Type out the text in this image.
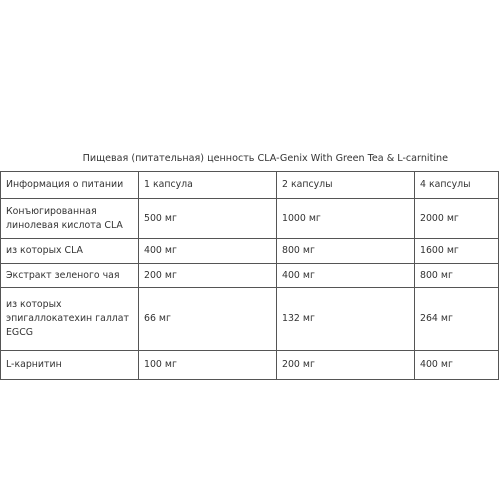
Пищевая (питательная) ценность CLA-Genix With Green Tea & L-carnitine
Информация о питании	1 капсула	2 капсулы	4 капсулы
Конъюгированная линолевая кислота CLA	500 мг	1000 мг	2000 мг
из которых CLA	400 мг	800 мг	1600 мг
Экстракт зеленого чая	200 мг	400 мг	800 мг
из которых эпигаллокатехин галлат EGCG	66 мг	132 мг	264 мг
L-карнитин	100 мг	200 мг	400 мг
